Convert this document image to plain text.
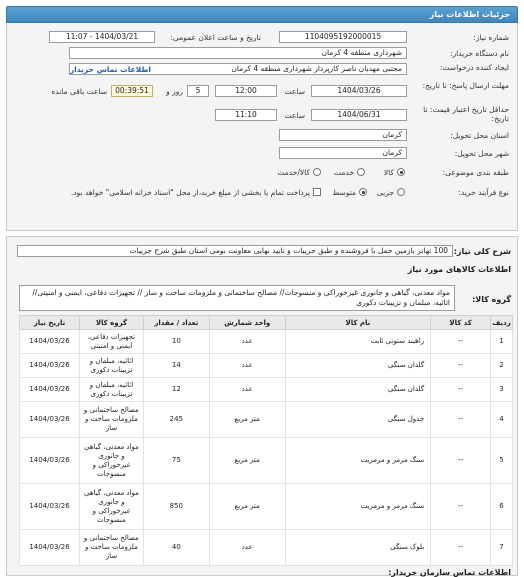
جزئیات اطلاعات نیاز
شماره نیاز:
1104095192000015
تاریخ و ساعت اعلان عمومی:
1404/03/21 - 11:07
نام دستگاه خریدار:
شهرداری منطقه 4 کرمان
ایجاد کننده درخواست:
مجتبی مهدیان ناصر کارپرداز شهرداری منطقه 4 کرمان
اطلاعات تماس خریدار
مهلت ارسال پاسخ: تا تاریخ:
1404/03/26
ساعت
12:00
5
روز و
00:39:51
ساعت باقی مانده
حداقل تاریخ اعتبار قیمت: تا تاریخ:
1404/06/31
ساعت
11:10
استان محل تحویل:
کرمان
شهر محل تحویل:
کرمان
طبقه بندی موضوعی:
کالا
خدمت
کالا/خدمت
نوع فرآیند خرید:
جزیی
متوسط
پرداخت تمام یا بخشی از مبلغ خرید،از محل "اسناد خزانه اسلامی" خواهد بود.
شرح کلی نیاز:
100 تهاتر بازمین حمل با فروشنده و طبق جزییات و تایید نهایی معاونت بومی استان طبق شرح جزییات
اطلاعات کالاهای مورد نیاز
گروه کالا:
مواد معدنی، گیاهی و جانوری غیرخوراکی و منسوجات// مصالح ساختمانی و ملزومات ساخت و ساز // تجهیزات دفاعی، ایمنی و امنیتی// اثاثیه، مبلمان و تزیینات دکوری
ردیف	کد کالا	نام کالا	واحد شمارش	تعداد / مقدار	گروه کالا	تاریخ نیاز
1	--	راهبند ستونی ثابت	عدد	10	تجهیزات دفاعی، ایمنی و امنیتی	1404/03/26
2	--	گلدان سنگی	عدد	14	اثاثیه، مبلمان و تزیینات دکوری	1404/03/26
3	--	گلدان سنگی	عدد	12	اثاثیه، مبلمان و تزیینات دکوری	1404/03/26
4	--	جدول سنگی	متر مربع	245	مصالح ساختمانی و ملزومات ساخت و ساز	1404/03/26
5	--	سنگ مرمر و مرمریت	متر مربع	75	مواد معدنی، گیاهی و جانوری غیرخوراکی و منسوجات	1404/03/26
6	--	سنگ مرمر و مرمریت	متر مربع	850	مواد معدنی، گیاهی و جانوری غیرخوراکی و منسوجات	1404/03/26
7	--	بلوک سنگی	عدد	40	مصالح ساختمانی و ملزومات ساخت و ساز	1404/03/26
اطلاعات تماس سازمان خریدار:
